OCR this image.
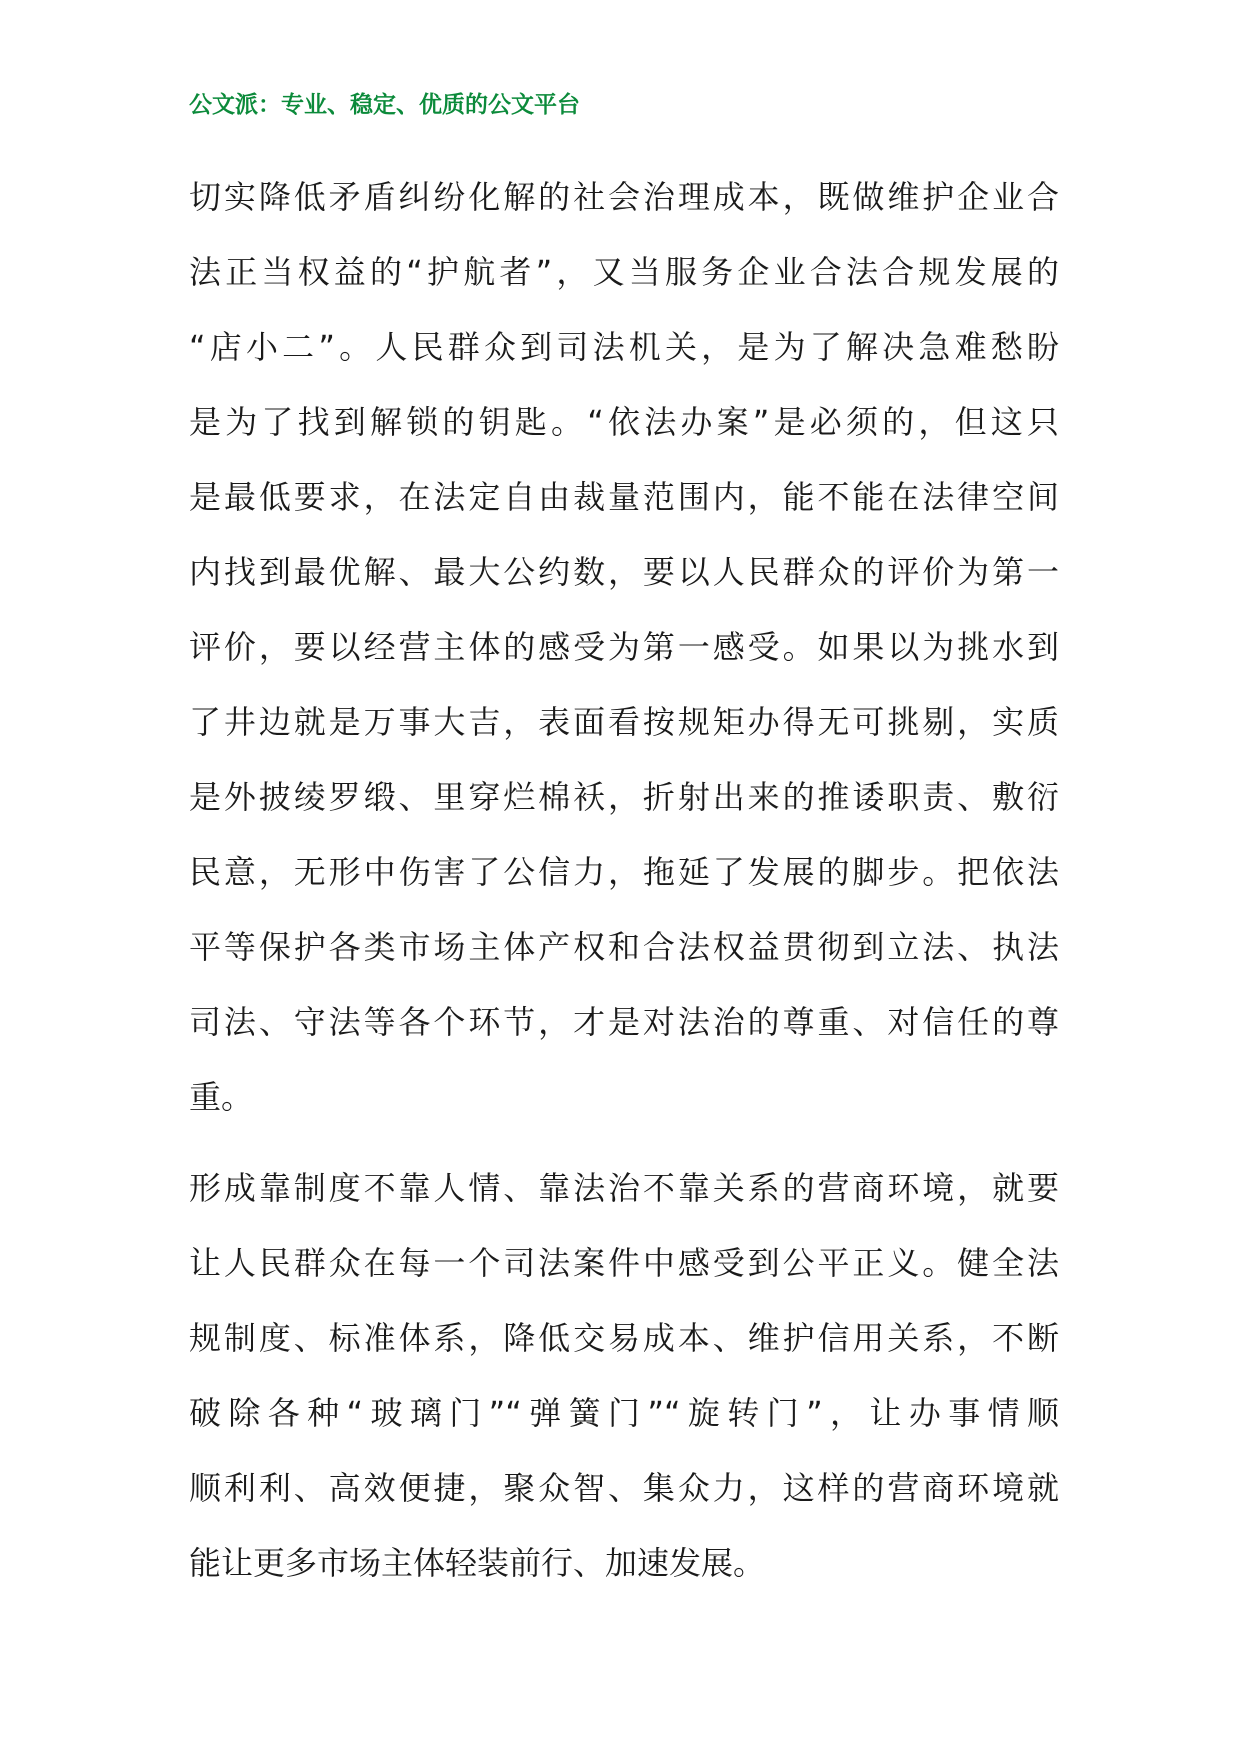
公文派：专业、稳定、优质的公文平台
切实降低矛盾纠纷化解的社会治理成本，既做维护企业合
法正当权益的“护航者”，又当服务企业合法合规发展的
“店小二”。人民群众到司法机关，是为了解决急难愁盼
是为了找到解锁的钥匙。“依法办案”是必须的，但这只
是最低要求，在法定自由裁量范围内，能不能在法律空间
内找到最优解、最大公约数，要以人民群众的评价为第一
评价，要以经营主体的感受为第一感受。如果以为挑水到
了井边就是万事大吉，表面看按规矩办得无可挑剔，实质
是外披绫罗缎、里穿烂棉袄，折射出来的推诿职责、敷衍
民意，无形中伤害了公信力，拖延了发展的脚步。把依法
平等保护各类市场主体产权和合法权益贯彻到立法、执法
司法、守法等各个环节，才是对法治的尊重、对信任的尊
重。
形成靠制度不靠人情、靠法治不靠关系的营商环境，就要
让人民群众在每一个司法案件中感受到公平正义。健全法
规制度、标准体系，降低交易成本、维护信用关系，不断
破除各种“玻璃门”“弹簧门”“旋转门”，让办事情顺
顺利利、高效便捷，聚众智、集众力，这样的营商环境就
能让更多市场主体轻装前行、加速发展。
